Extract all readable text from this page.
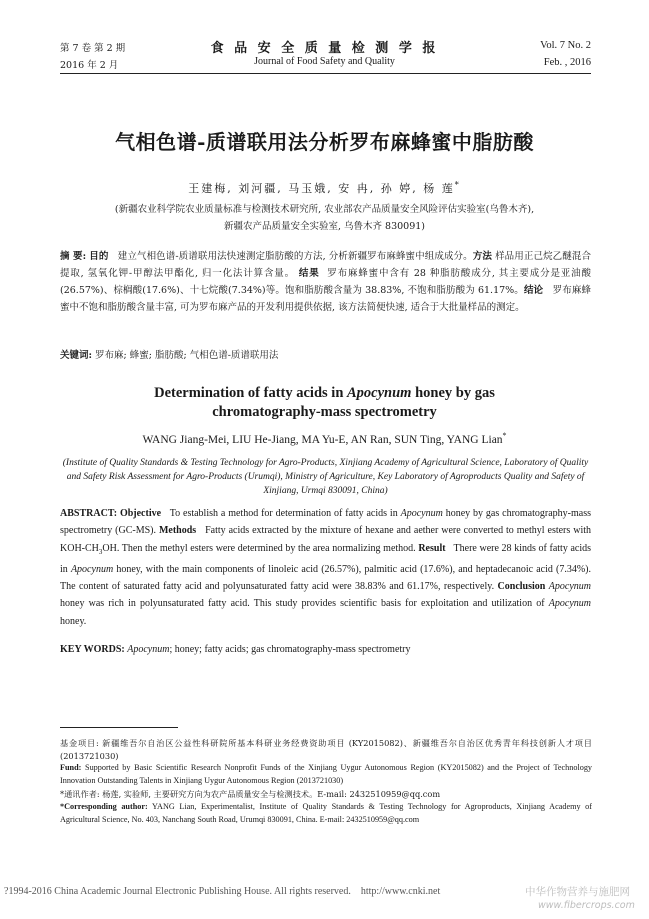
第 7 卷 第 2 期
2016 年 2 月
食 品 安 全 质 量 检 测 学 报
Journal of Food Safety and Quality
Vol. 7 No. 2
Feb. , 2016
气相色谱-质谱联用法分析罗布麻蜂蜜中脂肪酸
王建梅, 刘河疆, 马玉娥, 安 冉, 孙 婷, 杨 莲*
(新疆农业科学院农业质量标准与检测技术研究所, 农业部农产品质量安全风险评估实验室(乌鲁木齐),
新疆农产品质量安全实验室, 乌鲁木齐 830091)
摘 要: 目的 建立气相色谱-质谱联用法快速测定脂肪酸的方法, 分析新疆罗布麻蜂蜜中组成成分。方法 样品用正己烷乙醚混合提取, 氢氧化钾-甲醇法甲酯化, 归一化法计算含量。 结果 罗布麻蜂蜜中含有 28 种脂肪酸成分, 其主要成分是亚油酸(26.57%)、棕榈酸(17.6%)、十七烷酸(7.34%)等。饱和脂肪酸含量为 38.83%, 不饱和脂肪酸为 61.17%。结论 罗布麻蜂蜜中不饱和脂肪酸含量丰富, 可为罗布麻产品的开发利用提供依据, 该方法简便快速, 适合于大批量样品的测定。
关键词: 罗布麻; 蜂蜜; 脂肪酸; 气相色谱-质谱联用法
Determination of fatty acids in Apocynum honey by gas
chromatography-mass spectrometry
WANG Jiang-Mei, LIU He-Jiang, MA Yu-E, AN Ran, SUN Ting, YANG Lian*
(Institute of Quality Standards & Testing Technology for Agro-Products, Xinjiang Academy of Agricultural Science, Laboratory of Quality and Safety Risk Assessment for Agro-Products (Urumqi), Ministry of Agriculture, Key Laboratory of Agroproducts Quality and Safety of Xinjiang, Urmqi 830091, China)
ABSTRACT: Objective To establish a method for determination of fatty acids in Apocynum honey by gas chromatography-mass spectrometry (GC-MS). Methods Fatty acids extracted by the mixture of hexane and aether were converted to methyl esters with KOH-$CH_3OH$. Then the methyl esters were determined by the area normalizing method. Result There were 28 kinds of fatty acids in Apocynum honey, with the main components of linoleic acid (26.57%), palmitic acid (17.6%), and heptadecanoic acid (7.34%). The content of saturated fatty acid and polyunsaturated fatty acid were 38.83% and 61.17%, respectively. Conclusion Apocynum honey was rich in polyunsaturated fatty acid. This study provides scientific basis for exploitation and utilization of Apocynum honey.
KEY WORDS: Apocynum; honey; fatty acids; gas chromatography-mass spectrometry
基金项目: 新疆维吾尔自治区公益性科研院所基本科研业务经费资助项目 (KY2015082)、新疆维吾尔自治区优秀青年科技创新人才项目 (2013721030)
Fund: Supported by Basic Scientific Research Nonprofit Funds of the Xinjiang Uygur Autonomous Region (KY2015082) and the Project of Technology Innovation Outstanding Talents in Xinjiang Uygur Autonomous Region (2013721030)
*通讯作者: 杨莲, 实验师, 主要研究方向为农产品质量安全与检测技术。E-mail: 2432510959@qq.com
*Corresponding author: YANG Lian, Experimentalist, Institute of Quality Standards & Testing Technology for Agroproducts, Xinjiang Academy of Agricultural Science, No. 403, Nanchang South Road, Urumqi 830091, China. E-mail: 2432510959@qq.com
?1994-2016 China Academic Journal Electronic Publishing House. All rights reserved.    http://www.cnki.net	中华作物营养与施肥网
www.fibercrops.com
